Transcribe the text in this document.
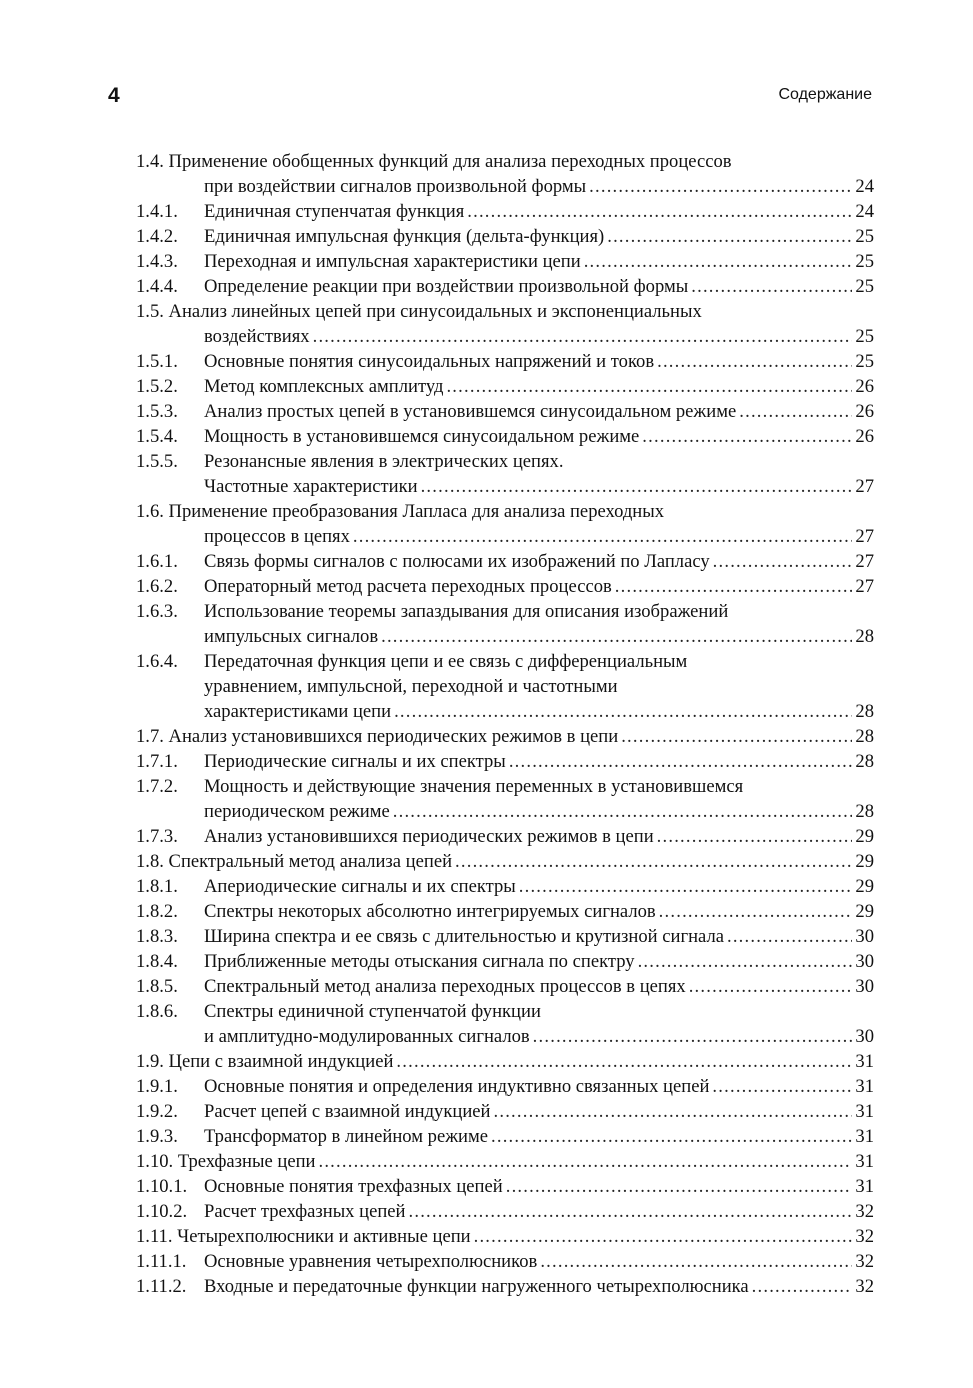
4	Содержание
1.4. Применение обобщенных функций для анализа переходных процессов
при воздействии сигналов произвольной формы .....	24
1.4.1. Единичная ступенчатая функция .....	24
1.4.2. Единичная импульсная функция (дельта-функция) .....	25
1.4.3. Переходная и импульсная характеристики цепи .....	25
1.4.4. Определение реакции при воздействии произвольной формы .....	25
1.5. Анализ линейных цепей при синусоидальных и экспоненциальных
воздействиях .....	25
1.5.1. Основные понятия синусоидальных напряжений и токов .....	25
1.5.2. Метод комплексных амплитуд .....	26
1.5.3. Анализ простых цепей в установившемся синусоидальном режиме .....	26
1.5.4. Мощность в установившемся синусоидальном режиме .....	26
1.5.5. Резонансные явления в электрических цепях.
Частотные характеристики .....	27
1.6. Применение преобразования Лапласа для анализа переходных
процессов в цепях .....	27
1.6.1. Связь формы сигналов с полюсами их изображений по Лапласу .....	27
1.6.2. Операторный метод расчета переходных процессов .....	27
1.6.3. Использование теоремы запаздывания для описания изображений
импульсных сигналов .....	28
1.6.4. Передаточная функция цепи и ее связь с дифференциальным
уравнением, импульсной, переходной и частотными
характеристиками цепи .....	28
1.7. Анализ установившихся периодических режимов в цепи .....	28
1.7.1. Периодические сигналы и их спектры .....	28
1.7.2. Мощность и действующие значения переменных в установившемся
периодическом режиме .....	28
1.7.3. Анализ установившихся периодических режимов в цепи .....	29
1.8. Спектральный метод анализа цепей .....	29
1.8.1. Апериодические сигналы и их спектры .....	29
1.8.2. Спектры некоторых абсолютно интегрируемых сигналов .....	29
1.8.3. Ширина спектра и ее связь с длительностью и крутизной сигнала .....	30
1.8.4. Приближенные методы отыскания сигнала по спектру .....	30
1.8.5. Спектральный метод анализа переходных процессов в цепях .....	30
1.8.6. Спектры единичной ступенчатой функции
и амплитудно-модулированных сигналов .....	30
1.9. Цепи с взаимной индукцией .....	31
1.9.1. Основные понятия и определения индуктивно связанных цепей .....	31
1.9.2. Расчет цепей с взаимной индукцией .....	31
1.9.3. Трансформатор в линейном режиме .....	31
1.10. Трехфазные цепи .....	31
1.10.1. Основные понятия трехфазных цепей .....	31
1.10.2. Расчет трехфазных цепей .....	32
1.11. Четырехполюсники и активные цепи .....	32
1.11.1. Основные уравнения четырехполюсников .....	32
1.11.2. Входные и передаточные функции нагруженного четырехполюсника .....	32
